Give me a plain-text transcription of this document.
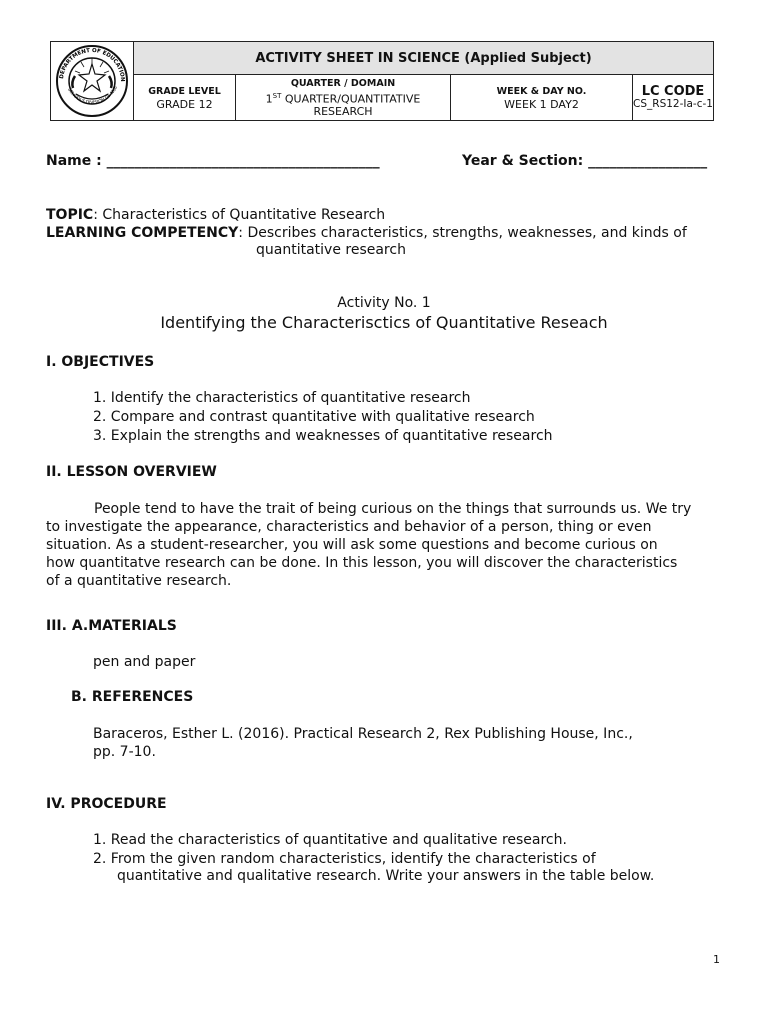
DEPARTMENT OF EDUCATION
SCHOOLS DIVISION OF NUE
ACTIVITY SHEET IN SCIENCE (Applied Subject)
GRADE LEVEL
GRADE 12
QUARTER / DOMAIN
1ST QUARTER/QUANTITATIVE
RESEARCH
WEEK & DAY NO.
WEEK 1 DAY2
LC CODE
CS_RS12-Ia-c-1
Name : _______________________________________	Year & Section: _________________
TOPIC: Characteristics of Quantitative Research
LEARNING COMPETENCY: Describes characteristics, strengths, weaknesses, and kinds of
quantitative research
Activity No. 1
Identifying the Characterisctics of Quantitative Reseach
I. OBJECTIVES
1. Identify the characteristics of quantitative research
2. Compare and contrast quantitative with qualitative research
3. Explain the strengths and weaknesses of quantitative research
II. LESSON OVERVIEW
People tend to have the trait of being curious on the things that surrounds us. We try
to investigate the appearance, characteristics and behavior of a person, thing or even
situation. As a student-researcher, you will ask some questions and become curious on
how quantitatve research can be done. In this lesson, you will discover the characteristics
of a quantitative research.
III. A.MATERIALS
pen and paper
B. REFERENCES
Baraceros, Esther L. (2016). Practical Research 2, Rex Publishing House, Inc.,
pp. 7-10.
IV. PROCEDURE
1. Read the characteristics of quantitative and qualitative research.
2. From the given random characteristics, identify the characteristics of
quantitative and qualitative research. Write your answers in the table below.
1
